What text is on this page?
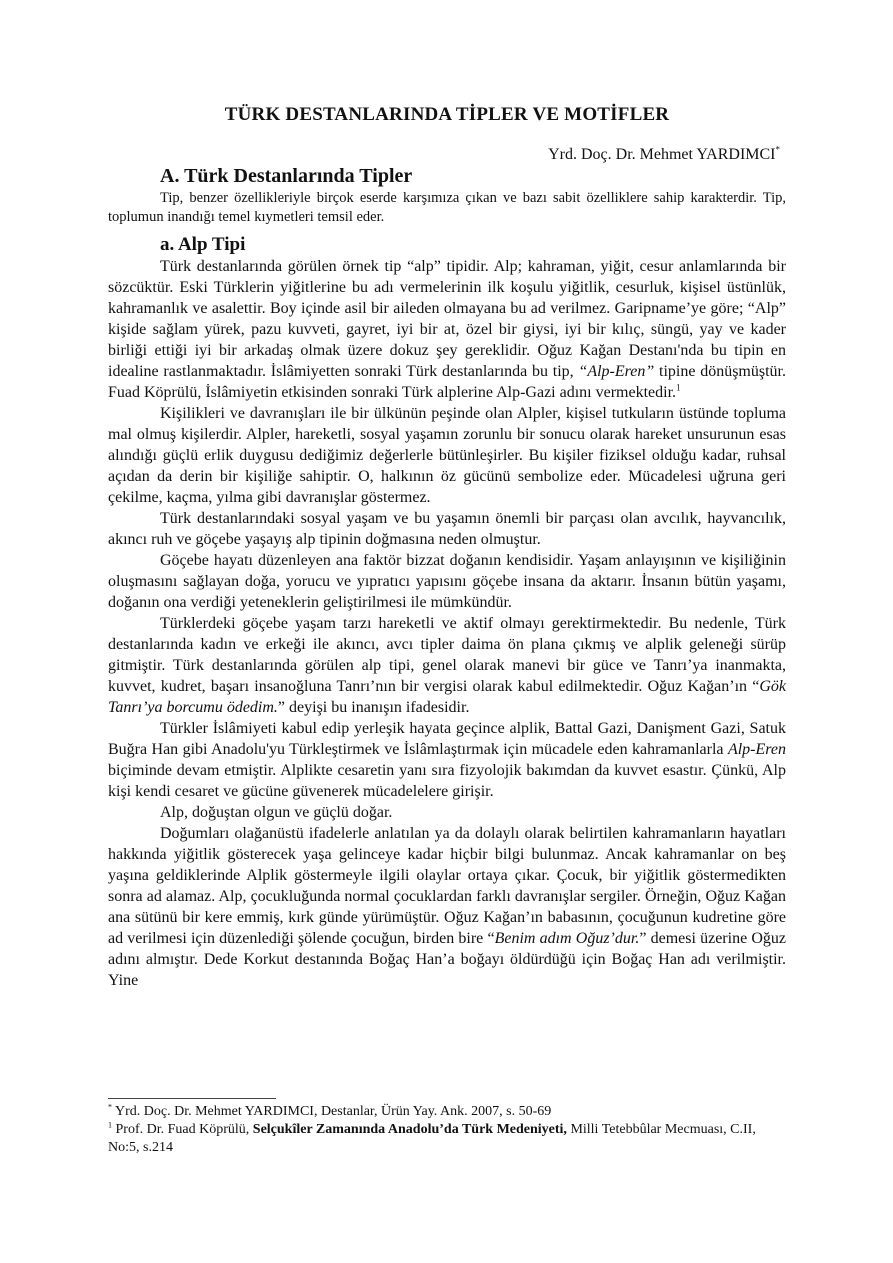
TÜRK DESTANLARINDA TİPLER VE MOTİFLER

Yrd. Doç. Dr. Mehmet YARDIMCI*

A. Türk Destanlarında Tipler

Tip, benzer özellikleriyle birçok eserde karşımıza çıkan ve bazı sabit özelliklere sahip karakterdir. Tip, toplumun inandığı temel kıymetleri temsil eder.

a. Alp Tipi

Türk destanlarında görülen örnek tip “alp” tipidir. Alp; kahraman, yiğit, cesur anlamlarında bir sözcüktür. Eski Türklerin yiğitlerine bu adı vermelerinin ilk koşulu yiğitlik, cesurluk, kişisel üstünlük, kahramanlık ve asalettir. Boy içinde asil bir aileden olmayana bu ad verilmez. Garipname’ye göre; “Alp” kişide sağlam yürek, pazu kuvveti, gayret, iyi bir at, özel bir giysi, iyi bir kılıç, süngü, yay ve kader birliği ettiği iyi bir arkadaş olmak üzere dokuz şey gereklidir. Oğuz Kağan Destanı'nda bu tipin en idealine rastlanmaktadır. İslâmiyetten sonraki Türk destanlarında bu tip, “Alp-Eren” tipine dönüşmüştür. Fuad Köprülü, İslâmiyetin etkisinden sonraki Türk alplerine Alp-Gazi adını vermektedir.$^1$

Kişilikleri ve davranışları ile bir ülkünün peşinde olan Alpler, kişisel tutkuların üstünde topluma mal olmuş kişilerdir. Alpler, hareketli, sosyal yaşamın zorunlu bir sonucu olarak hareket unsurunun esas alındığı güçlü erlik duygusu dediğimiz değerlerle bütünleşirler. Bu kişiler fiziksel olduğu kadar, ruhsal açıdan da derin bir kişiliğe sahiptir. O, halkının öz gücünü sembolize eder. Mücadelesi uğruna geri çekilme, kaçma, yılma gibi davranışlar göstermez.

Türk destanlarındaki sosyal yaşam ve bu yaşamın önemli bir parçası olan avcılık, hayvancılık, akıncı ruh ve göçebe yaşayış alp tipinin doğmasına neden olmuştur.

Göçebe hayatı düzenleyen ana faktör bizzat doğanın kendisidir. Yaşam anlayışının ve kişiliğinin oluşmasını sağlayan doğa, yorucu ve yıpratıcı yapısını göçebe insana da aktarır. İnsanın bütün yaşamı, doğanın ona verdiği yeteneklerin geliştirilmesi ile mümkündür.

Türklerdeki göçebe yaşam tarzı hareketli ve aktif olmayı gerektirmektedir. Bu nedenle, Türk destanlarında kadın ve erkeği ile akıncı, avcı tipler daima ön plana çıkmış ve alplik geleneği sürüp gitmiştir. Türk destanlarında görülen alp tipi, genel olarak manevi bir güce ve Tanrı’ya inanmakta, kuvvet, kudret, başarı insanoğluna Tanrı’nın bir vergisi olarak kabul edilmektedir. Oğuz Kağan’ın “Gök Tanrı’ya borcumu ödedim.” deyişi bu inanışın ifadesidir.

Türkler İslâmiyeti kabul edip yerleşik hayata geçince alplik, Battal Gazi, Danişment Gazi, Satuk Buğra Han gibi Anadolu'yu Türkleştirmek ve İslâmlaştırmak için mücadele eden kahramanlarla Alp-Eren biçiminde devam etmiştir. Alplikte cesaretin yanı sıra fizyolojik bakımdan da kuvvet esastır. Çünkü, Alp kişi kendi cesaret ve gücüne güvenerek mücadelelere girişir.

Alp, doğuştan olgun ve güçlü doğar.

Doğumları olağanüstü ifadelerle anlatılan ya da dolaylı olarak belirtilen kahramanların hayatları hakkında yiğitlik gösterecek yaşa gelinceye kadar hiçbir bilgi bulunmaz. Ancak kahramanlar on beş yaşına geldiklerinde Alplik göstermeyle ilgili olaylar ortaya çıkar. Çocuk, bir yiğitlik göstermedikten sonra ad alamaz. Alp, çocukluğunda normal çocuklardan farklı davranışlar sergiler. Örneğin, Oğuz Kağan ana sütünü bir kere emmiş, kırk günde yürümüştür. Oğuz Kağan’ın babasının, çocuğunun kudretine göre ad verilmesi için düzenlediği şölende çocuğun, birden bire “Benim adım Oğuz’dur.” demesi üzerine Oğuz adını almıştır. Dede Korkut destanında Boğaç Han’a boğayı öldürdüğü için Boğaç Han adı verilmiştir. Yine

* Yrd. Doç. Dr. Mehmet YARDIMCI, Destanlar, Ürün Yay. Ank. 2007, s. 50-69

$^1$ Prof. Dr. Fuad Köprülü, Selçukîler Zamanında Anadolu’da Türk Medeniyeti, Milli Tetebbûlar Mecmuası, C.II, No:5, s.214
